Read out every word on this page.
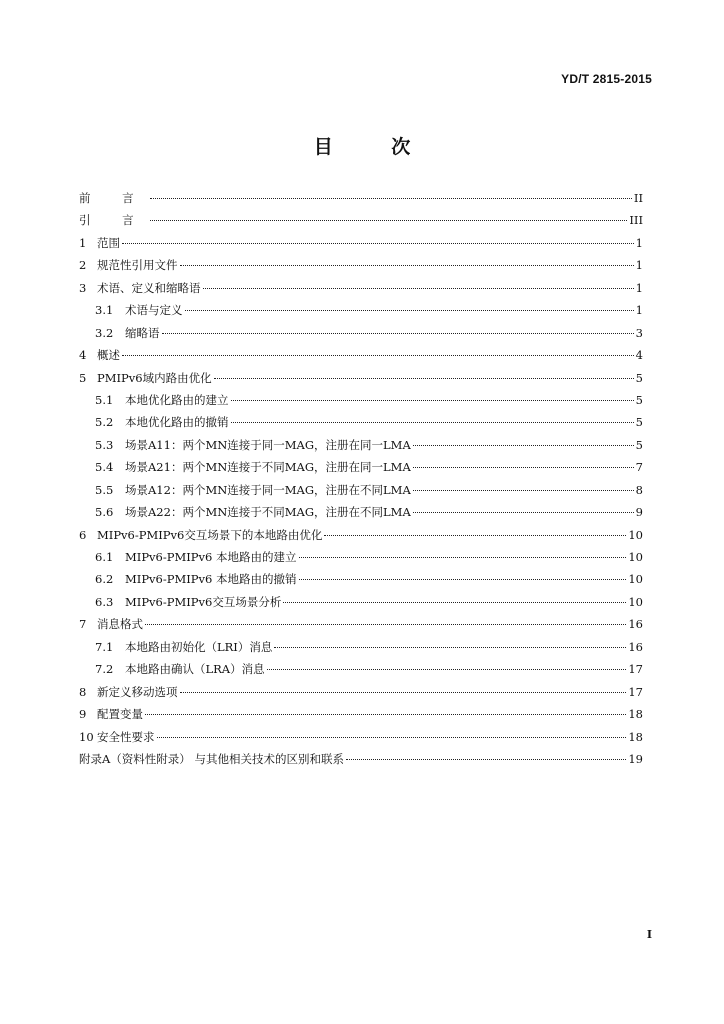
YD/T 2815-2015
目 次
前 言	II
引 言	III
1 范围	1
2 规范性引用文件	1
3 术语、定义和缩略语	1
3.1	术语与定义	1
3.2	缩略语	3
4 概述	4
5 PMIPv6域内路由优化	5
5.1	本地优化路由的建立	5
5.2	本地优化路由的撤销	5
5.3	场景A11：两个MN连接于同一MAG，注册在同一LMA	5
5.4	场景A21：两个MN连接于不同MAG，注册在同一LMA	7
5.5	场景A12：两个MN连接于同一MAG，注册在不同LMA	8
5.6	场景A22：两个MN连接于不同MAG，注册在不同LMA	9
6 MIPv6-PMIPv6交互场景下的本地路由优化	10
6.1	MIPv6-PMIPv6 本地路由的建立	10
6.2	MIPv6-PMIPv6 本地路由的撤销	10
6.3	MIPv6-PMIPv6交互场景分析	10
7 消息格式	16
7.1	本地路由初始化（LRI）消息	16
7.2	本地路由确认（LRA）消息	17
8 新定义移动选项	17
9 配置变量	18
10 安全性要求	18
附录A（资料性附录） 与其他相关技术的区别和联系	19
I
